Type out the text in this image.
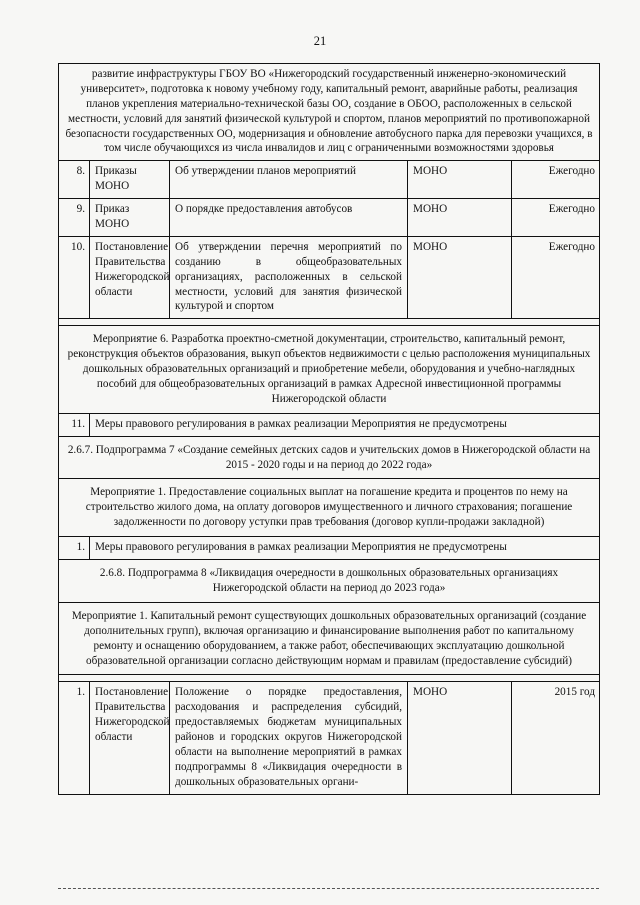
21
развитие инфраструктуры ГБОУ ВО «Нижегородский государственный инженерно-экономический университет», подготовка к новому учебному году, капитальный ремонт, аварийные работы, реализация планов укрепления материально-технической базы ОО, создание в ОБОО, расположенных в сельской местности, условий для занятий физической культурой и спортом, планов мероприятий по противопожарной безопасности государственных ОО, модернизация и обновление автобусного парка для перевозки учащихся, в том числе обучающихся из числа инвалидов и лиц с ограниченными возможностями здоровья				
8.	Приказы МОНО	Об утверждении планов мероприятий	МОНО	Ежегодно
9.	Приказ МОНО	О порядке предоставления автобусов	МОНО	Ежегодно
10.	Постановление Правительства Нижегородской области	Об утверждении перечня мероприятий по созданию в общеобразовательных организациях, расположенных в сельской местности, условий для занятия физической культурой и спортом	МОНО	Ежегодно

Мероприятие 6. Разработка проектно-сметной документации, строительство, капитальный ремонт, реконструкция объектов образования, выкуп объектов недвижимости с целью расположения муниципальных дошкольных образовательных организаций и приобретение мебели, оборудования и учебно-наглядных пособий для общеобразовательных организаций в рамках Адресной инвестиционной программы Нижегородской области				
11.	Меры правового регулирования в рамках реализации Мероприятия не предусмотрены			
2.6.7. Подпрограмма 7 «Создание семейных детских садов и учительских домов в Нижегородской области на 2015 - 2020 годы и на период до 2022 года»				
Мероприятие 1. Предоставление социальных выплат на погашение кредита и процентов по нему на строительство жилого дома, на оплату договоров имущественного и личного страхования; погашение задолженности по договору уступки прав требования (договор купли-продажи закладной)				
1.	Меры правового регулирования в рамках реализации Мероприятия не предусмотрены			
2.6.8. Подпрограмма 8 «Ликвидация очередности в дошкольных образовательных организациях Нижегородской области на период до 2023 года»				
Мероприятие 1. Капитальный ремонт существующих дошкольных образовательных организаций (создание дополнительных групп), включая организацию и финансирование выполнения работ по капитальному ремонту и оснащению оборудованием, а также работ, обеспечивающих эксплуатацию дошкольной образовательной организации согласно действующим нормам и правилам (предоставление субсидий)				

1.	Постановление Правительства Нижегородской области	Положение о порядке предоставления, расходования и распределения субсидий, предоставляемых бюджетам муниципальных районов и городских округов Нижегородской области на выполнение мероприятий в рамках подпрограммы 8 «Ликвидация очередности в дошкольных образовательных органи-	МОНО	2015 год
